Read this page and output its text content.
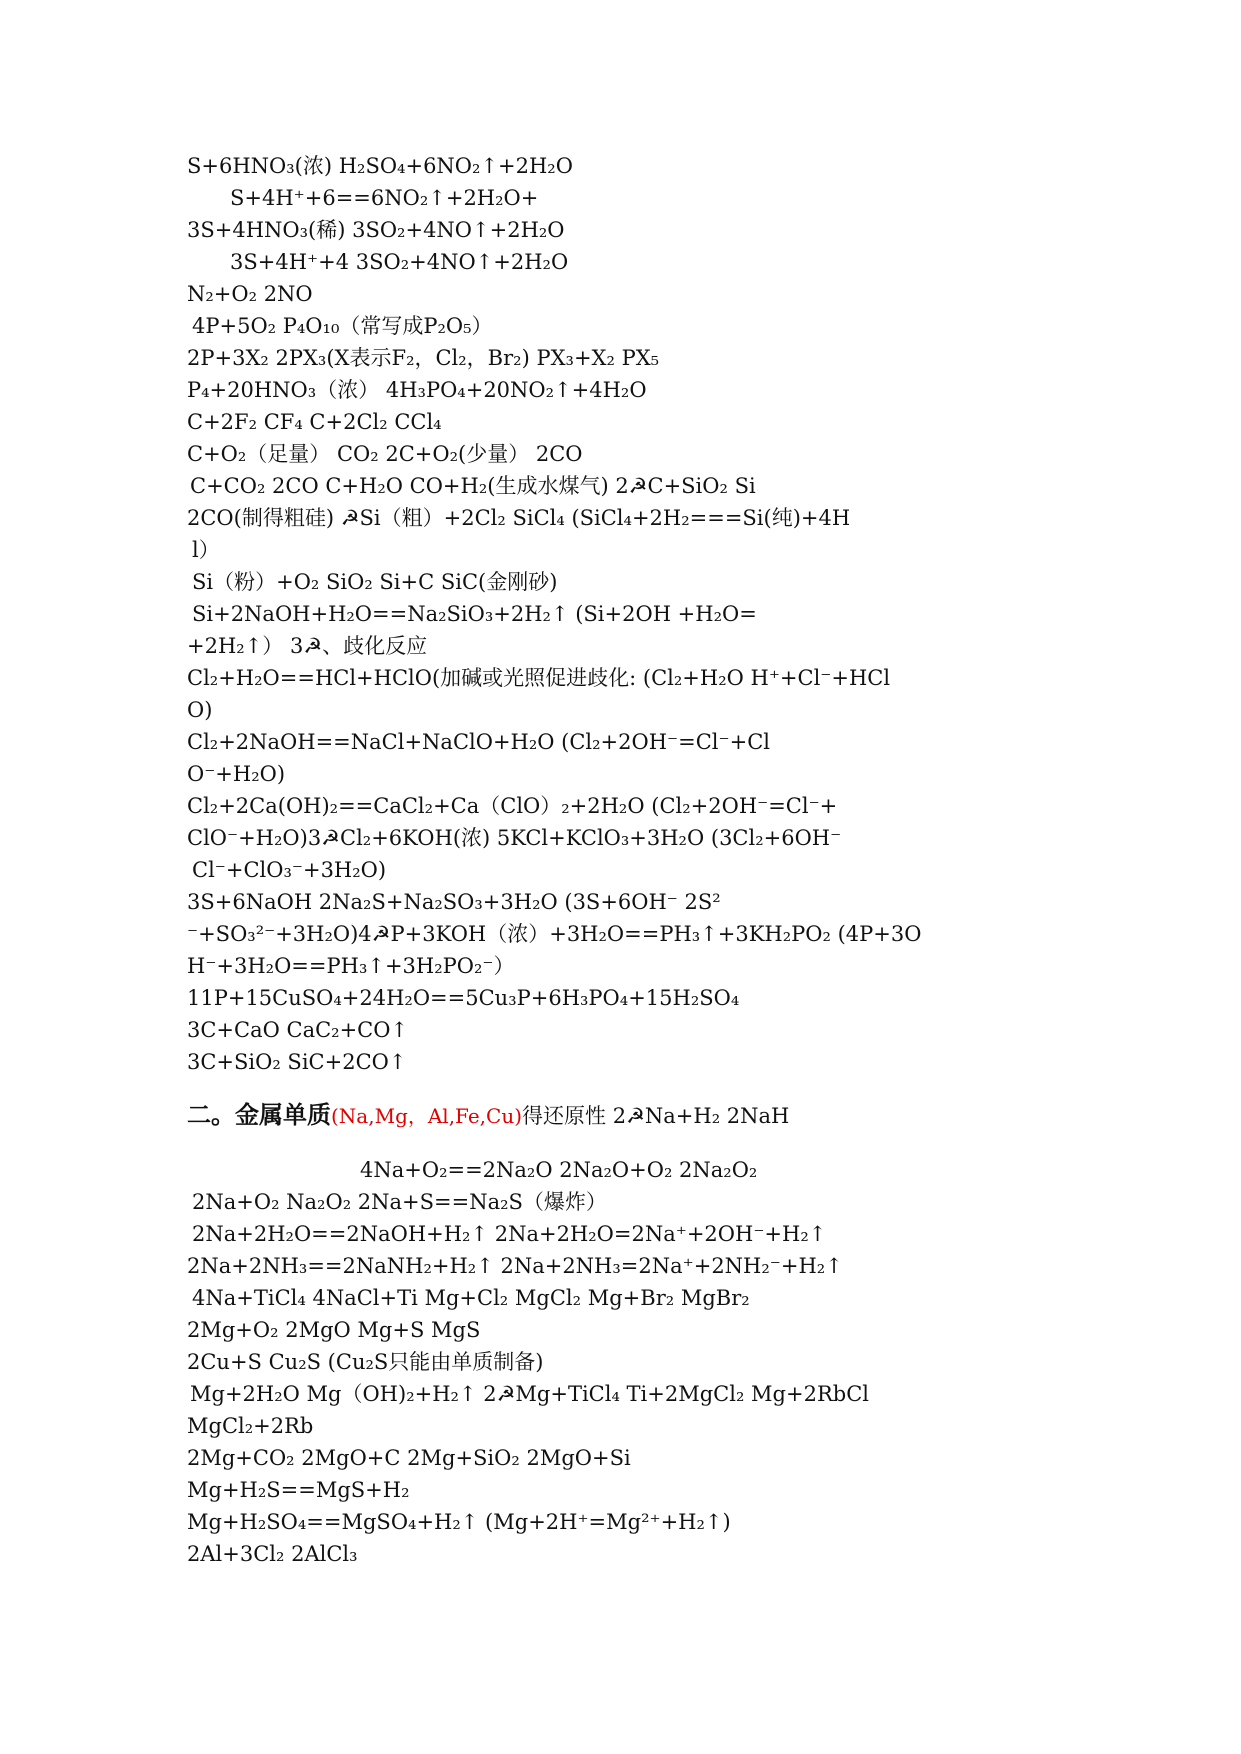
S+6HNO₃(浓) H₂SO₄+6NO₂↑+2H₂O
S+4H⁺+6==6NO₂↑+2H₂O+
3S+4HNO₃(稀) 3SO₂+4NO↑+2H₂O
3S+4H⁺+4 3SO₂+4NO↑+2H₂O
N₂+O₂ 2NO
4P+5O₂ P₄O₁₀（常写成P₂O₅）
2P+3X₂ 2PX₃(X表示F₂，Cl₂，Br₂) PX₃+X₂ PX₅
P₄+20HNO₃（浓） 4H₃PO₄+20NO₂↑+4H₂O
C+2F₂ CF₄ C+2Cl₂ CCl₄
C+O₂（足量） CO₂ 2C+O₂(少量） 2CO
C+CO₂ 2CO C+H₂O CO+H₂(生成水煤气) 2☭C+SiO₂ Si
2CO(制得粗硅) ☭Si（粗）+2Cl₂ SiCl₄ (SiCl₄+2H₂===Si(纯)+4H
l）
Si（粉）+O₂ SiO₂ Si+C SiC(金刚砂)
Si+2NaOH+H₂O==Na₂SiO₃+2H₂↑ (Si+2OH +H₂O=
+2H₂↑） 3☭、歧化反应
Cl₂+H₂O==HCl+HClO(加碱或光照促进歧化: (Cl₂+H₂O H⁺+Cl⁻+HCl
O)
Cl₂+2NaOH==NaCl+NaClO+H₂O (Cl₂+2OH⁻=Cl⁻+Cl
O⁻+H₂O)
Cl₂+2Ca(OH)₂==CaCl₂+Ca（ClO）₂+2H₂O (Cl₂+2OH⁻=Cl⁻+
ClO⁻+H₂O)3☭Cl₂+6KOH(浓) 5KCl+KClO₃+3H₂O (3Cl₂+6OH⁻
Cl⁻+ClO₃⁻+3H₂O)
3S+6NaOH 2Na₂S+Na₂SO₃+3H₂O (3S+6OH⁻ 2S²
⁻+SO₃²⁻+3H₂O)4☭P+3KOH（浓）+3H₂O==PH₃↑+3KH₂PO₂ (4P+3O
H⁻+3H₂O==PH₃↑+3H₂PO₂⁻）
11P+15CuSO₄+24H₂O==5Cu₃P+6H₃PO₄+15H₂SO₄
3C+CaO CaC₂+CO↑
3C+SiO₂ SiC+2CO↑
二。金属单质(Na,Mg，Al,Fe,Cu)得还原性 2☭Na+H₂ 2NaH
4Na+O₂==2Na₂O 2Na₂O+O₂ 2Na₂O₂
2Na+O₂ Na₂O₂ 2Na+S==Na₂S（爆炸）
2Na+2H₂O==2NaOH+H₂↑ 2Na+2H₂O=2Na⁺+2OH⁻+H₂↑
2Na+2NH₃==2NaNH₂+H₂↑ 2Na+2NH₃=2Na⁺+2NH₂⁻+H₂↑
4Na+TiCl₄ 4NaCl+Ti Mg+Cl₂ MgCl₂ Mg+Br₂ MgBr₂
2Mg+O₂ 2MgO Mg+S MgS
2Cu+S Cu₂S (Cu₂S只能由单质制备)
Mg+2H₂O Mg（OH)₂+H₂↑ 2☭Mg+TiCl₄ Ti+2MgCl₂ Mg+2RbCl
MgCl₂+2Rb
2Mg+CO₂ 2MgO+C 2Mg+SiO₂ 2MgO+Si
Mg+H₂S==MgS+H₂
Mg+H₂SO₄==MgSO₄+H₂↑ (Mg+2H⁺=Mg²⁺+H₂↑)
2Al+3Cl₂ 2AlCl₃
